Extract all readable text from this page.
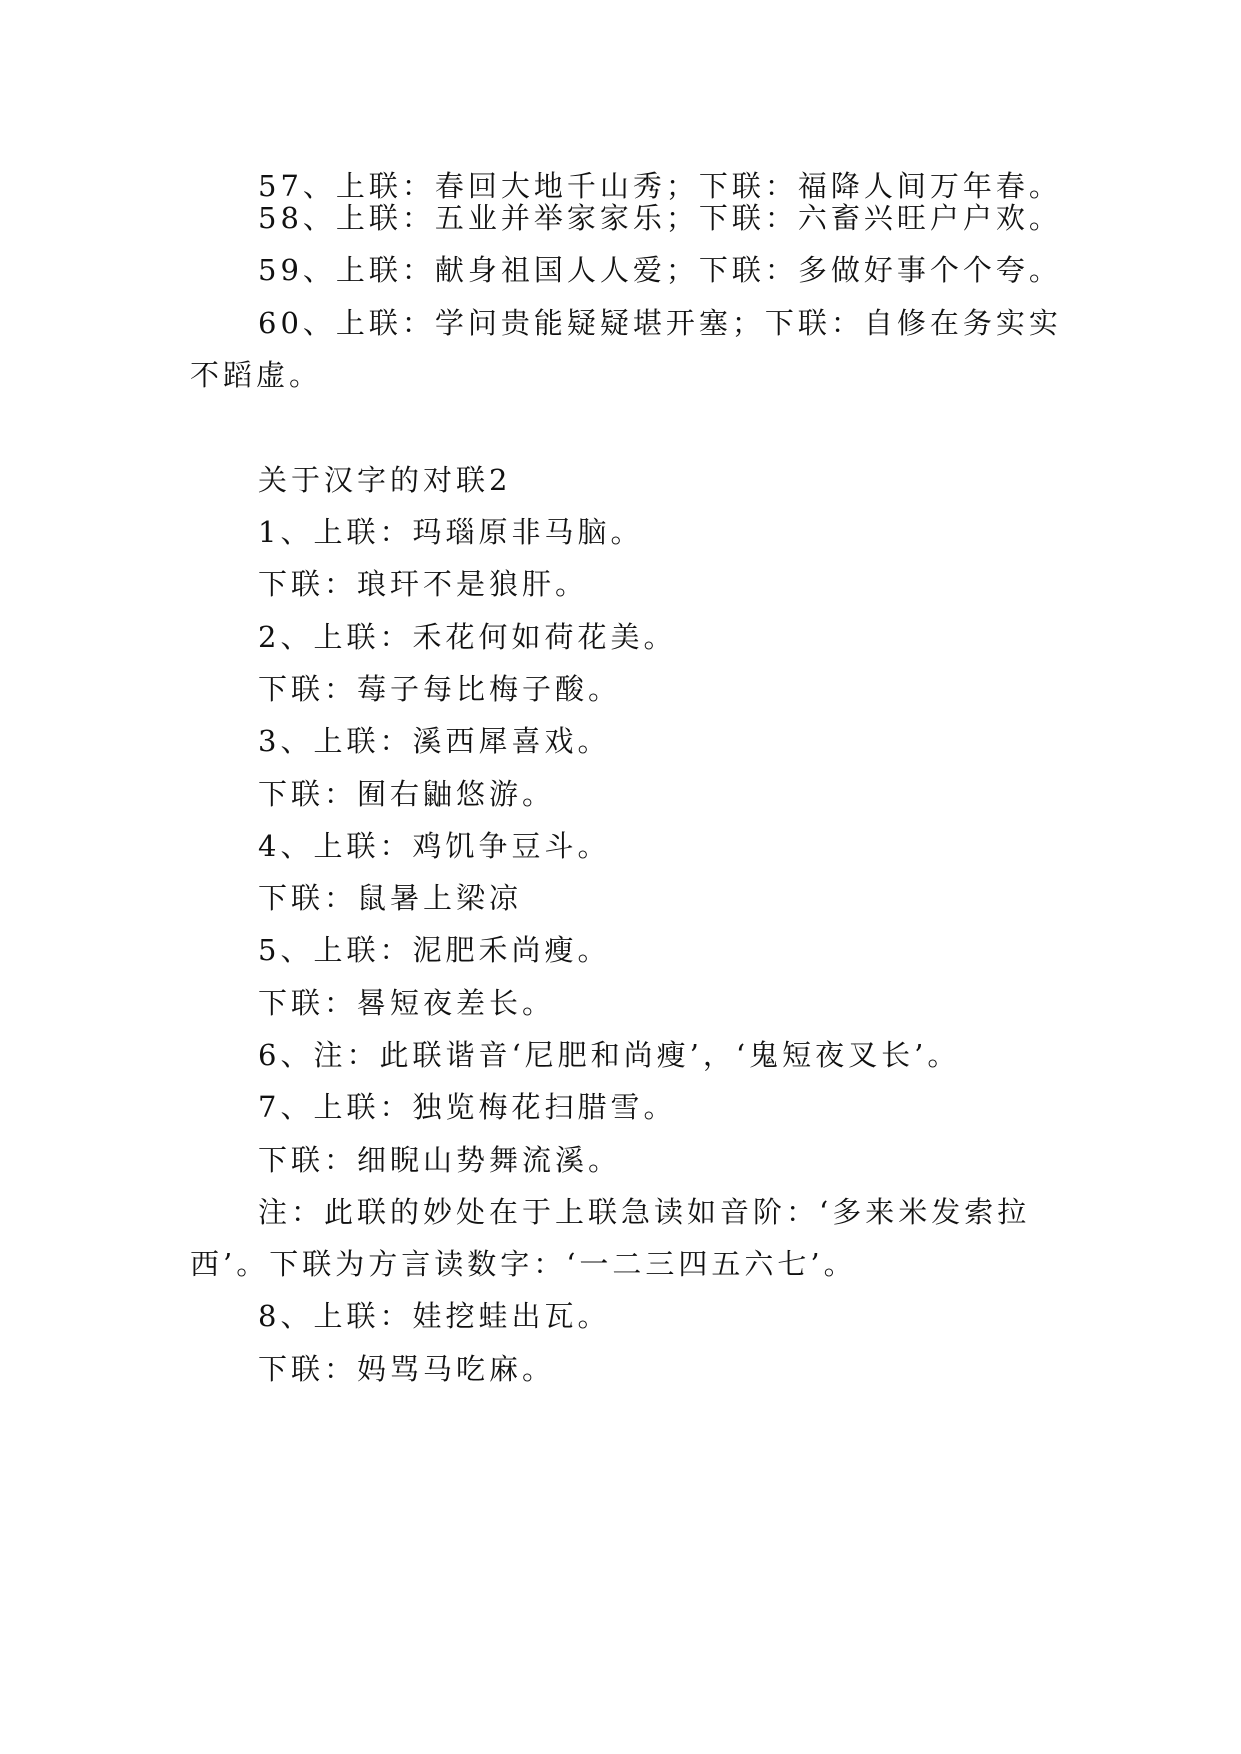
57、上联：春回大地千山秀；下联：福降人间万年春。
58、上联：五业并举家家乐；下联：六畜兴旺户户欢。
59、上联：献身祖国人人爱；下联：多做好事个个夸。
60、上联：学问贵能疑疑堪开塞；下联：自修在务实实
不蹈虚。
关于汉字的对联2
1、上联：玛瑙原非马脑。
下联：琅玕不是狼肝。
2、上联：禾花何如荷花美。
下联：莓子每比梅子酸。
3、上联：溪西犀喜戏。
下联：囿右鼬悠游。
4、上联：鸡饥争豆斗。
下联：鼠暑上梁凉
5、上联：泥肥禾尚瘦。
下联：晷短夜差长。
6、注：此联谐音‘尼肥和尚瘦’，‘鬼短夜叉长’。
7、上联：独览梅花扫腊雪。
下联：细睨山势舞流溪。
注：此联的妙处在于上联急读如音阶：‘多来米发索拉
西’。下联为方言读数字：‘一二三四五六七’。
8、上联：娃挖蛙出瓦。
下联：妈骂马吃麻。
